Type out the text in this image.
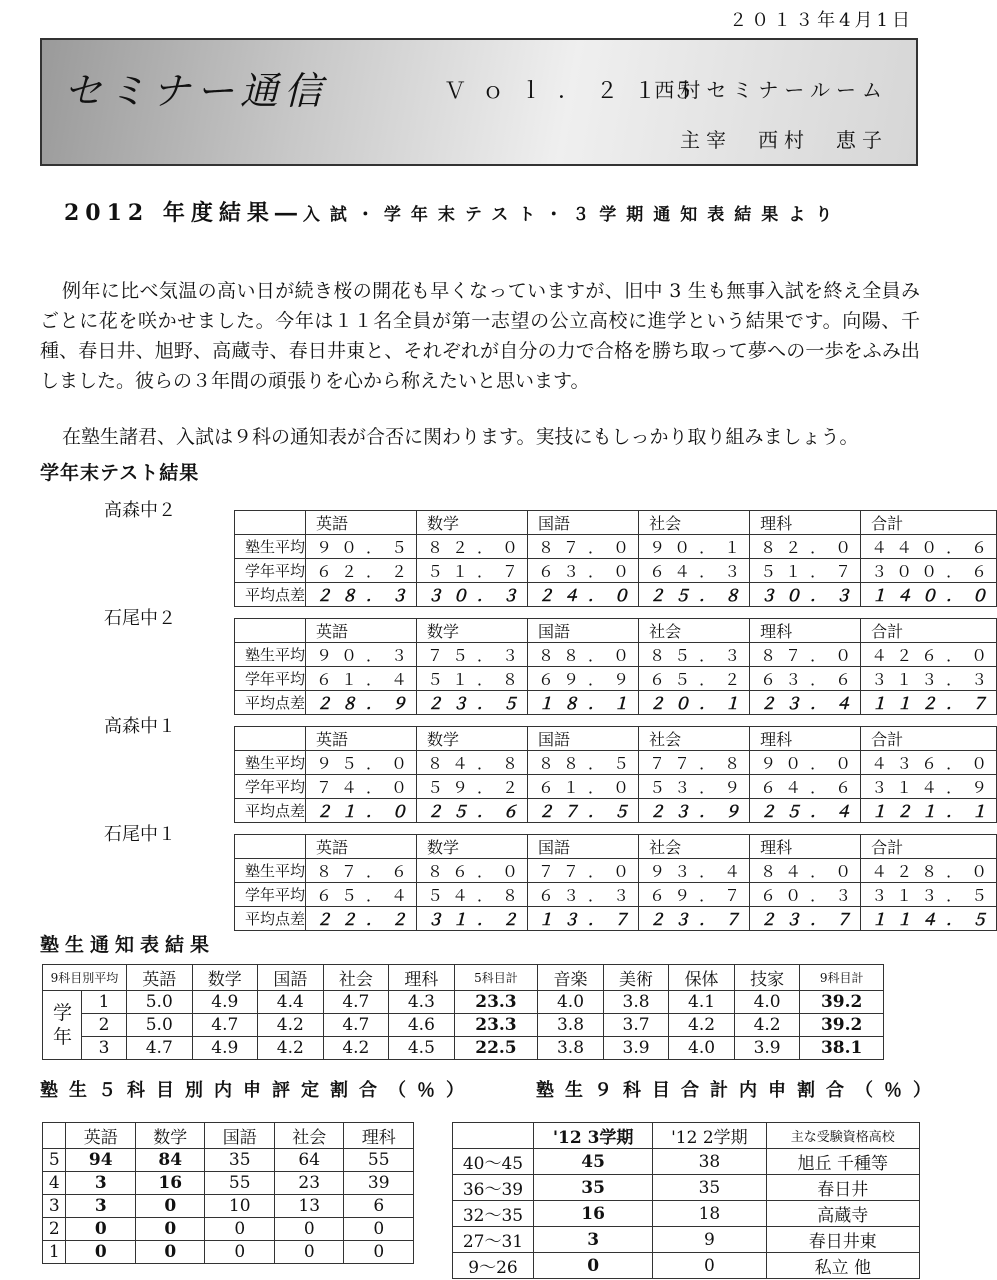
２０１３年4月1日
セミナー通信	Ｖｏｌ．２１５
西村セミナールーム
主宰　西村　恵子
2012 年度結果―入試・学年末テスト・３学期通知表結果より
例年に比べ気温の高い日が続き桜の開花も早くなっていますが、旧中 3 生も無事入試を終え全員みごとに花を咲かせました。今年は１１名全員が第一志望の公立高校に進学という結果です。向陽、千種、春日井、旭野、高蔵寺、春日井東と、それぞれが自分の力で合格を勝ち取って夢への一歩をふみ出しました。彼らの３年間の頑張りを心から称えたいと思います。
在塾生諸君、入試は９科の通知表が合否に関わります。実技にもしっかり取り組みましょう。
学年末テスト結果
高森中２
	英語	数学	国語	社会	理科	合計
塾生平均	９０．５	８２．０	８７．０	９０．１	８２．０	４４０．６
学年平均	６２．２	５１．７	６３．０	６４．３	５１．７	３００．６
平均点差	２８．３	３０．３	２４．０	２５．８	３０．３	１４０．０
石尾中２
	英語	数学	国語	社会	理科	合計
塾生平均	９０．３	７５．３	８８．０	８５．３	８７．０	４２６．０
学年平均	６１．４	５１．８	６９．９	６５．２	６３．６	３１３．３
平均点差	２８．９	２３．５	１８．１	２０．１	２３．４	１１２．７
高森中１
	英語	数学	国語	社会	理科	合計
塾生平均	９５．０	８４．８	８８．５	７７．８	９０．０	４３６．０
学年平均	７４．０	５９．２	６１．０	５３．９	６４．６	３１４．９
平均点差	２１．０	２５．６	２７．５	２３．９	２５．４	１２１．１
石尾中１
	英語	数学	国語	社会	理科	合計
塾生平均	８７．６	８６．０	７７．０	９３．４	８４．０	４２８．０
学年平均	６５．４	５４．８	６３．３	６９．７	６０．３	３１３．５
平均点差	２２．２	３１．２	１３．７	２３．７	２３．７	１１４．５
塾生通知表結果
9科目別平均		英語	数学	国語	社会	理科	5科目計	音楽	美術	保体	技家	9科目計
学年	1	5.0	4.9	4.4	4.7	4.3	23.3	4.0	3.8	4.1	4.0	39.2
	2	5.0	4.7	4.2	4.7	4.6	23.3	3.8	3.7	4.2	4.2	39.2
	3	4.7	4.9	4.2	4.2	4.5	22.5	3.8	3.9	4.0	3.9	38.1
塾生５科目別内申評定割合（％）	塾生９科目合計内申割合（％）
	英語	数学	国語	社会	理科
5	94	84	35	64	55
4	3	16	55	23	39
3	3	0	10	13	6
2	0	0	0	0	0
1	0	0	0	0	0
	'12 3学期	'12 2学期	主な受験資格高校
40～45	45	38	旭丘 千種等
36～39	35	35	春日井
32～35	16	18	高蔵寺
27～31	3	9	春日井東
9～26	0	0	私立 他
